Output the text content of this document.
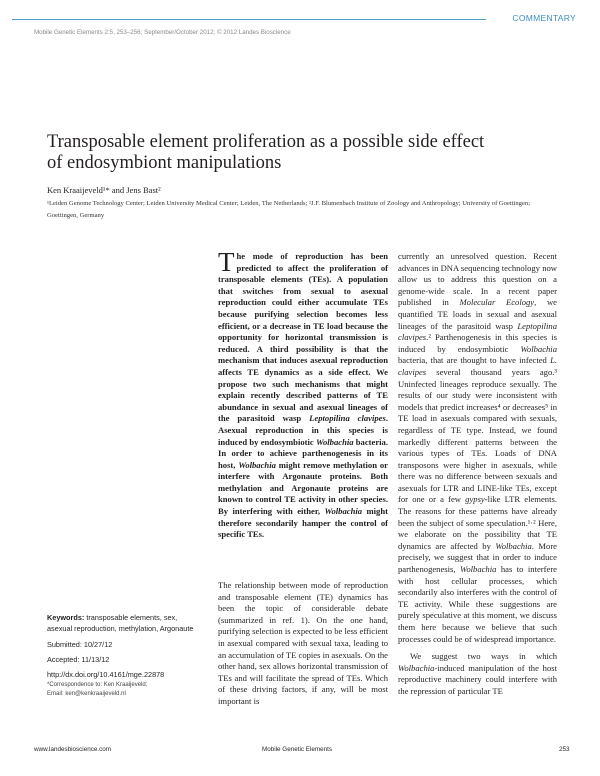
COMMENTARY
Mobile Genetic Elements 2:5, 253–256; September/October 2012; © 2012 Landes Bioscience
Transposable element proliferation as a possible side effect of endosymbiont manipulations
Ken Kraaijeveld¹* and Jens Bast²
¹Leiden Genome Technology Center; Leiden University Medical Center; Leiden, The Netherlands; ²J.F. Blumenbach Institute of Zoology and Anthropology; University of Goettingen; Goettingen, Germany
The mode of reproduction has been predicted to affect the proliferation of transposable elements (TEs). A population that switches from sexual to asexual reproduction could either accumulate TEs because purifying selection becomes less efficient, or a decrease in TE load because the opportunity for horizontal transmission is reduced. A third possibility is that the mechanism that induces asexual reproduction affects TE dynamics as a side effect. We propose two such mechanisms that might explain recently described patterns of TE abundance in sexual and asexual lineages of the parasitoid wasp Leptopilina clavipes. Asexual reproduction in this species is induced by endosymbiotic Wolbachia bacteria. In order to achieve parthenogenesis in its host, Wolbachia might remove methylation or interfere with Argonaute proteins. Both methylation and Argonaute proteins are known to control TE activity in other species. By interfering with either, Wolbachia might therefore secondarily hamper the control of specific TEs.
The relationship between mode of reproduction and transposable element (TE) dynamics has been the topic of considerable debate (summarized in ref. 1). On the one hand, purifying selection is expected to be less efficient in asexual compared with sexual taxa, leading to an accumulation of TE copies in asexuals. On the other hand, sex allows horizontal transmission of TEs and will facilitate the spread of TEs. Which of these driving factors, if any, will be most important is

currently an unresolved question. Recent advances in DNA sequencing technology now allow us to address this question on a genome-wide scale. In a recent paper published in Molecular Ecology, we quantified TE loads in sexual and asexual lineages of the parasitoid wasp Leptopilina clavipes.² Parthenogenesis in this species is induced by endosymbiotic Wolbachia bacteria, that are thought to have infected L. clavipes several thousand years ago.³ Uninfected lineages reproduce sexually. The results of our study were inconsistent with models that predict increases⁴ or decreases⁵ in TE load in asexuals compared with sexuals, regardless of TE type. Instead, we found markedly different patterns between the various types of TEs. Loads of DNA transposons were higher in asexuals, while there was no difference between sexuals and asexuals for LTR and LINE-like TEs, except for one or a few gypsy-like LTR elements. The reasons for these patterns have already been the subject of some speculation.¹·² Here, we elaborate on the possibility that TE dynamics are affected by Wolbachia. More precisely, we suggest that in order to induce parthenogenesis, Wolbachia has to interfere with host cellular processes, which secondarily also interferes with the control of TE activity. While these suggestions are purely speculative at this moment, we discuss them here because we believe that such processes could be of widespread importance.

We suggest two ways in which Wolbachia-induced manipulation of the host reproductive machinery could interfere with the repression of particular TE

Keywords: transposable elements, sex, asexual reproduction, methylation, Argonaute
Submitted: 10/27/12
Accepted: 11/13/12
http://dx.doi.org/10.4161/mge.22878
*Correspondence to: Ken Kraaijeveld;
Email: ken@kenkraaijeveld.nl
www.landesbioscience.com	Mobile Genetic Elements	253
